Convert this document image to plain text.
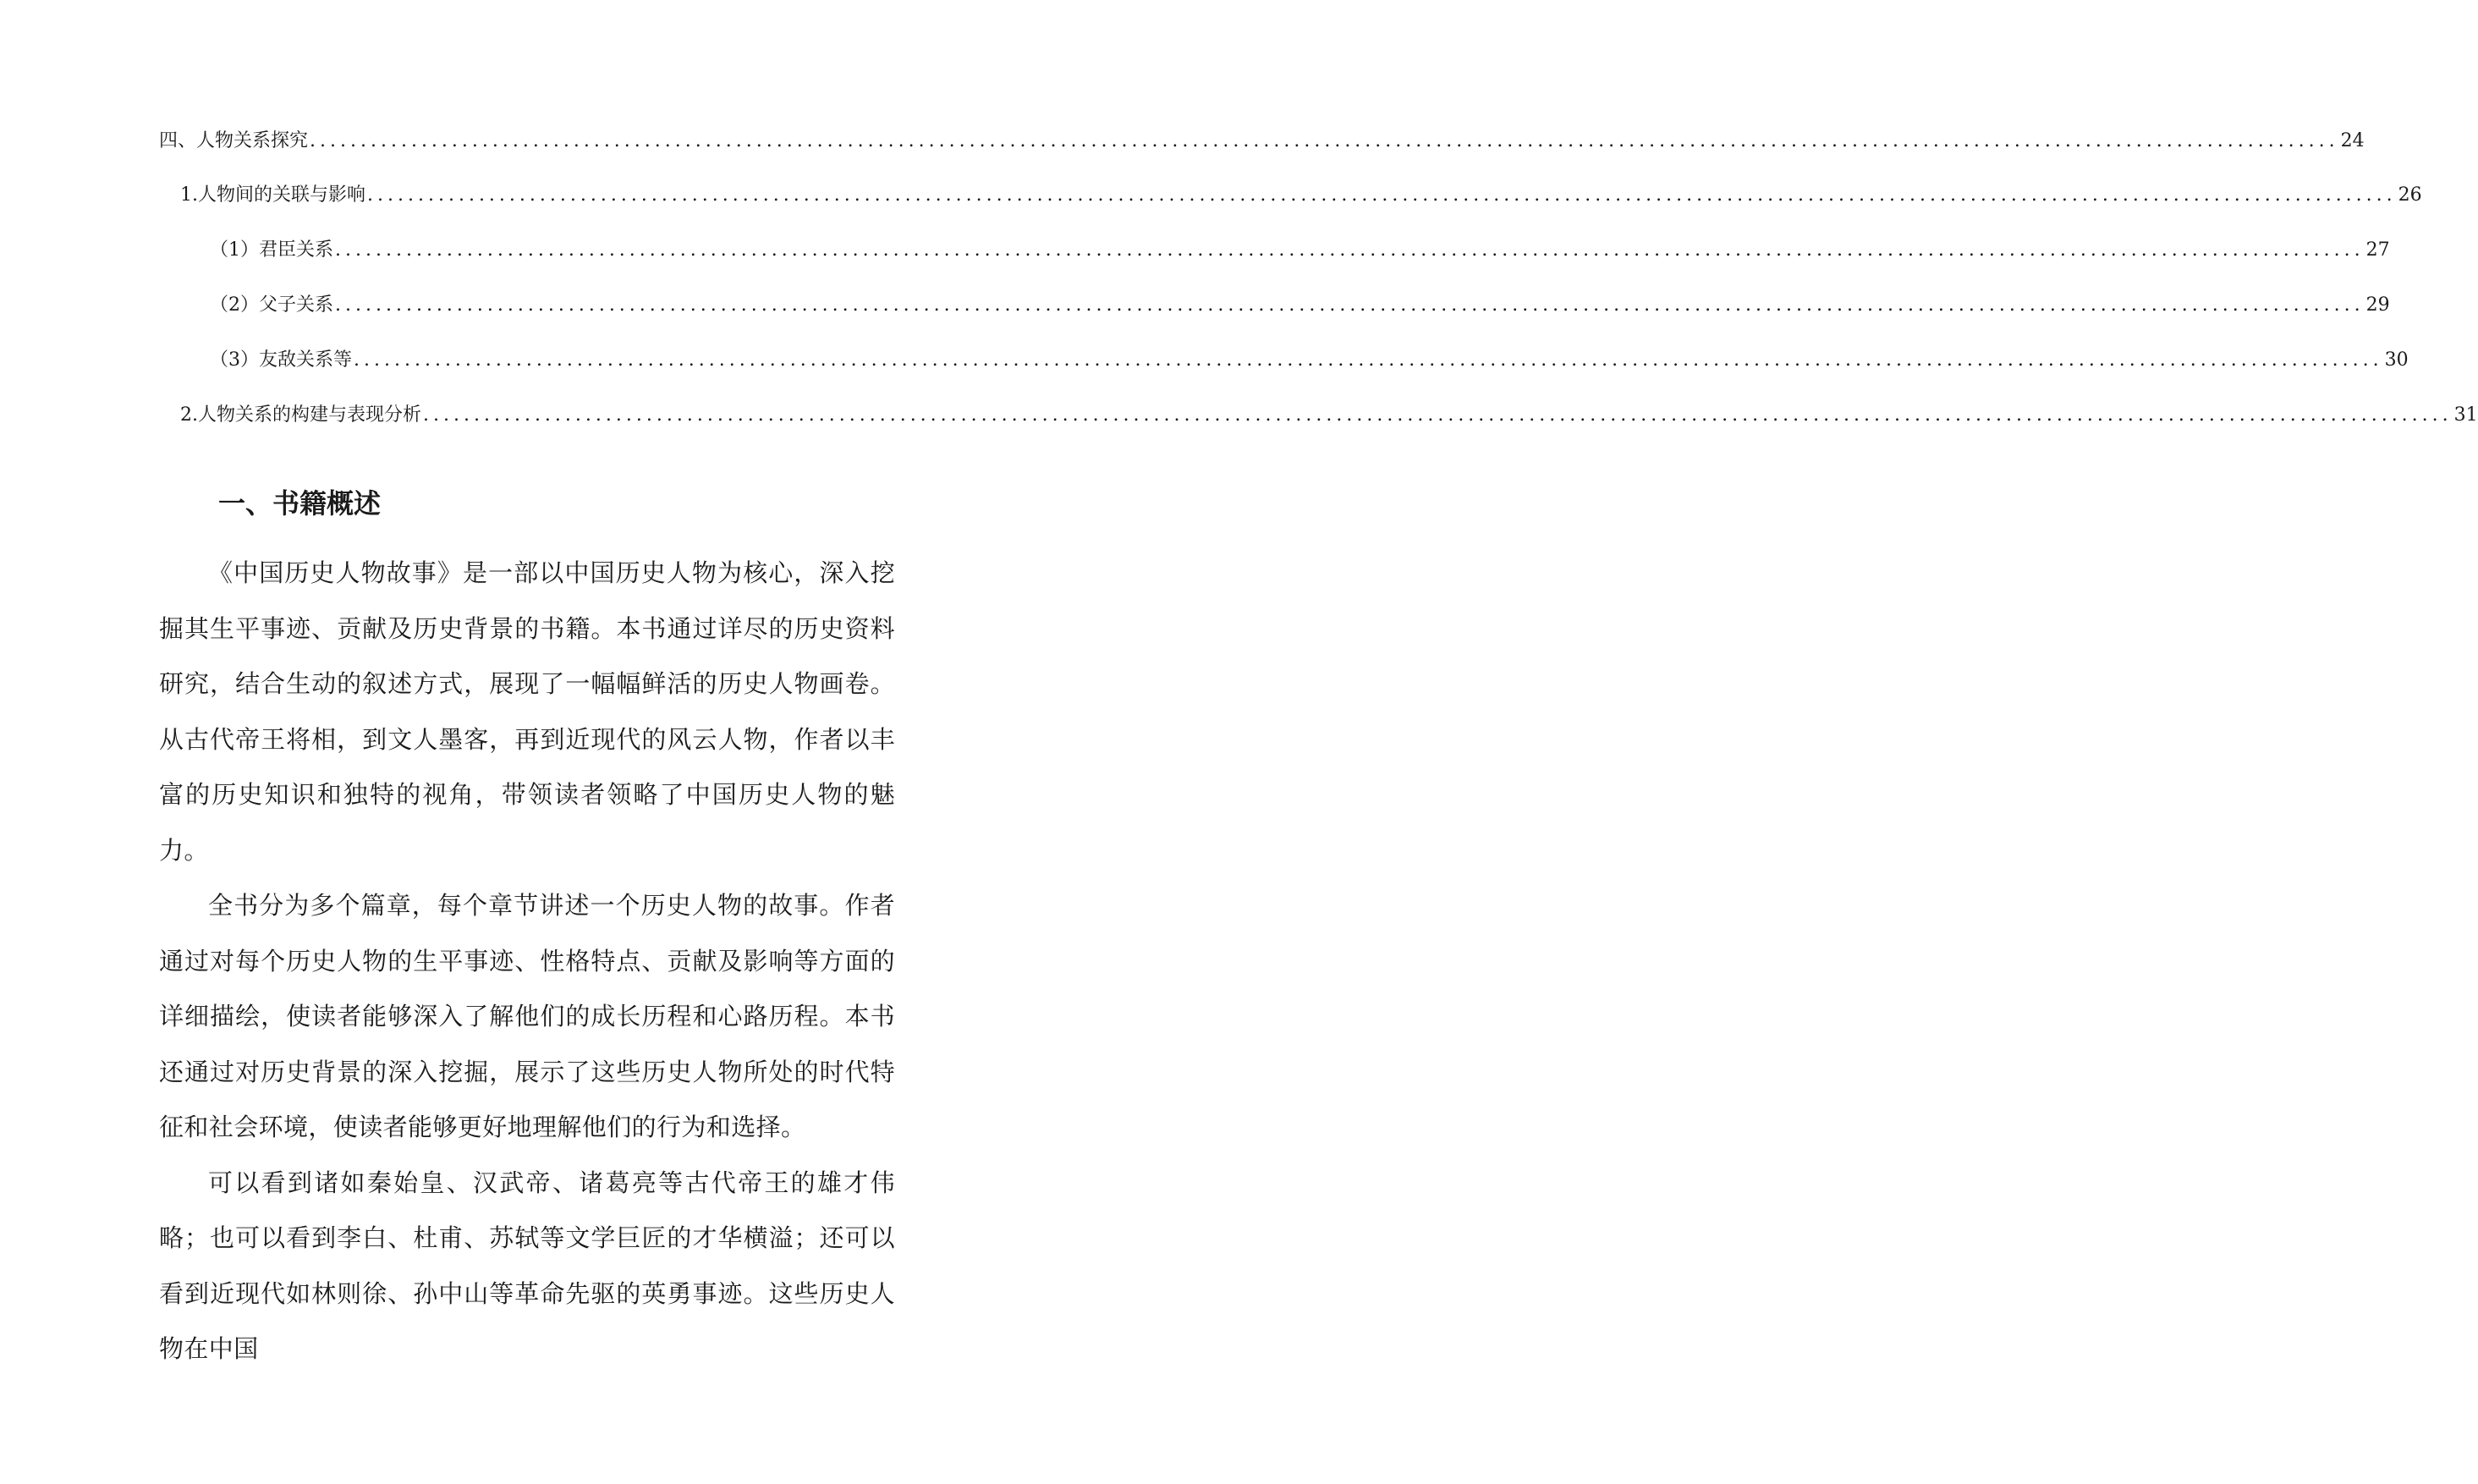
四、人物关系探究 ........................................................................................................................................................................................................ 24
1. 人物间的关联与影响 ........................................................................................................................................................................................................ 26
（1）君臣关系 ........................................................................................................................................................................................................ 27
（2）父子关系 ........................................................................................................................................................................................................ 29
（3）友敌关系等 ........................................................................................................................................................................................................ 30
2. 人物关系的构建与表现分析 ........................................................................................................................................................................................................ 31
一、书籍概述

《中国历史人物故事》是一部以中国历史人物为核心，深入挖掘其生平事迹、贡献及历史背景的书籍。本书通过详尽的历史资料研究，结合生动的叙述方式，展现了一幅幅鲜活的历史人物画卷。从古代帝王将相，到文人墨客，再到近现代的风云人物，作者以丰富的历史知识和独特的视角，带领读者领略了中国历史人物的魅力。

全书分为多个篇章，每个章节讲述一个历史人物的故事。作者通过对每个历史人物的生平事迹、性格特点、贡献及影响等方面的详细描绘，使读者能够深入了解他们的成长历程和心路历程。本书还通过对历史背景的深入挖掘，展示了这些历史人物所处的时代特征和社会环境，使读者能够更好地理解他们的行为和选择。

可以看到诸如秦始皇、汉武帝、诸葛亮等古代帝王的雄才伟略；也可以看到李白、杜甫、苏轼等文学巨匠的才华横溢；还可以看到近现代如林则徐、孙中山等革命先驱的英勇事迹。这些历史人物在中国
